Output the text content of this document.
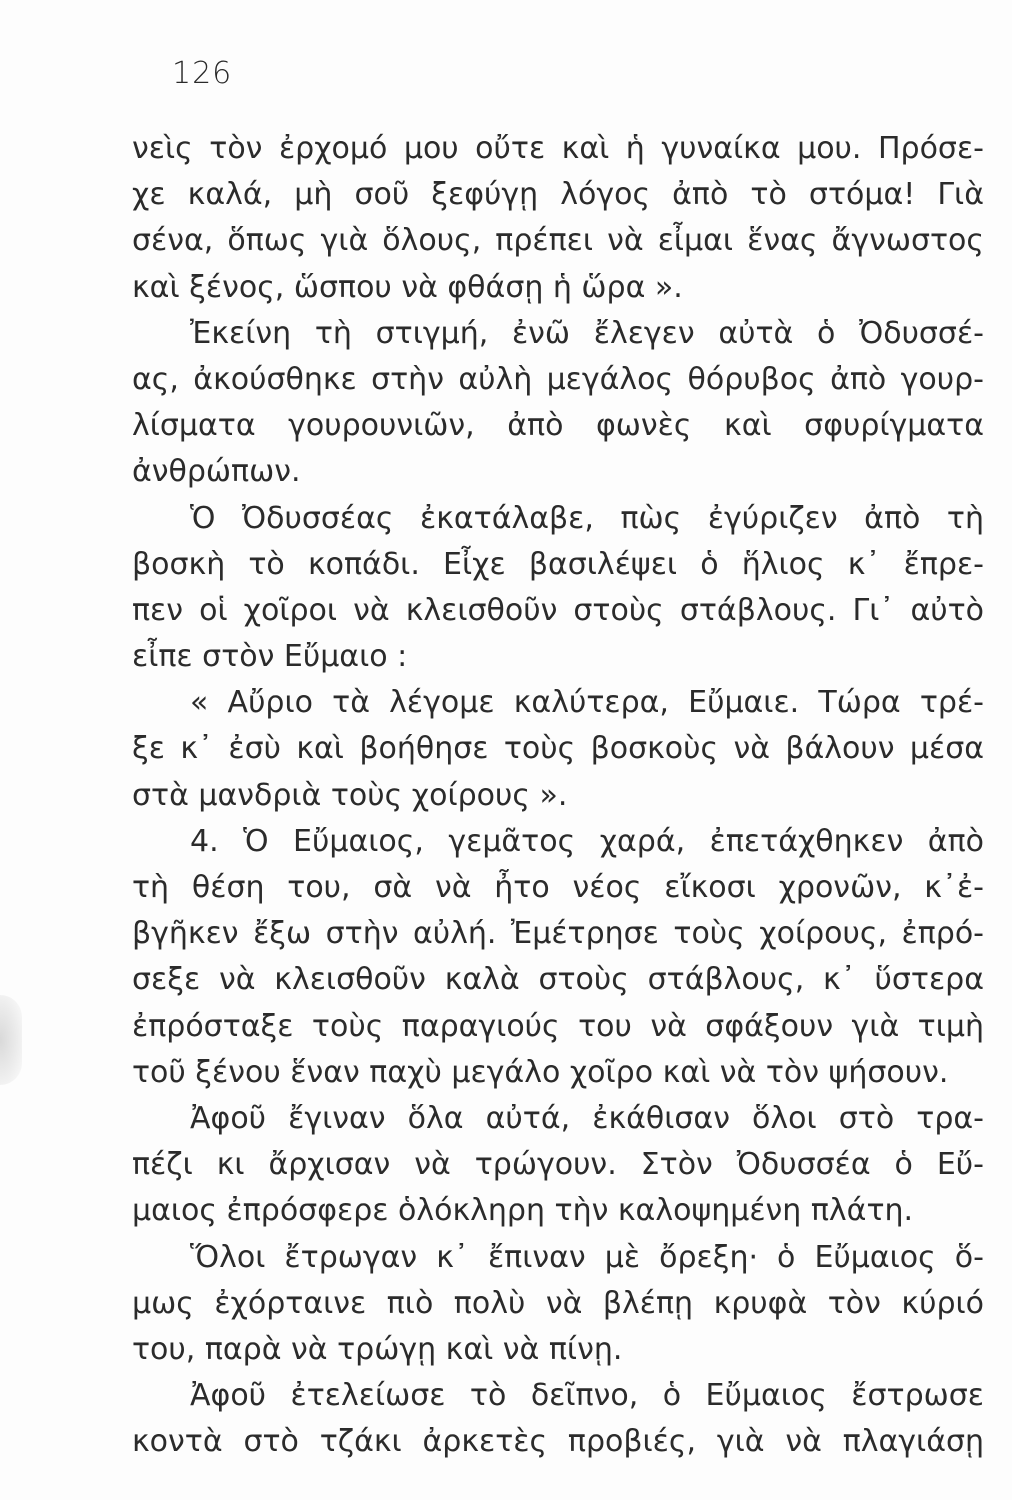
126
νεὶς τὸν ἐρχομό μου οὔτε καὶ ἡ γυναίκα μου. Πρόσε-
χε καλά, μὴ σοῦ ξεφύγῃ λόγος ἀπὸ τὸ στόμα! Γιὰ
σένα, ὅπως γιὰ ὅλους, πρέπει νὰ εἶμαι ἕνας ἄγνωστος
καὶ ξένος, ὥσπου νὰ φθάσῃ ἡ ὥρα ».
Ἐκείνη τὴ στιγμή, ἐνῶ ἔλεγεν αὐτὰ ὁ Ὀδυσσέ-
ας, ἀκούσθηκε στὴν αὐλὴ μεγάλος θόρυβος ἀπὸ γουρ-
λίσματα γουρουνιῶν, ἀπὸ φωνὲς καὶ σφυρίγματα
ἀνθρώπων.
Ὁ Ὀδυσσέας ἐκατάλαβε, πὼς ἐγύριζεν ἀπὸ τὴ
βοσκὴ τὸ κοπάδι. Εἶχε βασιλέψει ὁ ἥλιος κ᾽ ἔπρε-
πεν οἱ χοῖροι νὰ κλεισθοῦν στοὺς στάβλους. Γι᾽ αὐτὸ
εἶπε στὸν Εὔμαιο :
« Αὔριο τὰ λέγομε καλύτερα, Εὔμαιε. Τώρα τρέ-
ξε κ᾽ ἐσὺ καὶ βοήθησε τοὺς βοσκοὺς νὰ βάλουν μέσα
στὰ μανδριὰ τοὺς χοίρους ».
4. Ὁ Εὔμαιος, γεμᾶτος χαρά, ἐπετάχθηκεν ἀπὸ
τὴ θέση του, σὰ νὰ ἦτο νέος εἴκοσι χρονῶν, κ᾽ἐ-
βγῆκεν ἔξω στὴν αὐλή. Ἐμέτρησε τοὺς χοίρους, ἐπρό-
σεξε νὰ κλεισθοῦν καλὰ στοὺς στάβλους, κ᾽ ὕστερα
ἐπρόσταξε τοὺς παραγιούς του νὰ σφάξουν γιὰ τιμὴ
τοῦ ξένου ἕναν παχὺ μεγάλο χοῖρο καὶ νὰ τὸν ψήσουν.
Ἀφοῦ ἔγιναν ὅλα αὐτά, ἐκάθισαν ὅλοι στὸ τρα-
πέζι κι ἄρχισαν νὰ τρώγουν. Στὸν Ὀδυσσέα ὁ Εὔ-
μαιος ἐπρόσφερε ὁλόκληρη τὴν καλοψημένη πλάτη.
Ὅλοι ἔτρωγαν κ᾽ ἔπιναν μὲ ὄρεξη· ὁ Εὔμαιος ὅ-
μως ἐχόρταινε πιὸ πολὺ νὰ βλέπῃ κρυφὰ τὸν κύριό
του, παρὰ νὰ τρώγῃ καὶ νὰ πίνῃ.
Ἀφοῦ ἐτελείωσε τὸ δεῖπνο, ὁ Εὔμαιος ἔστρωσε
κοντὰ στὸ τζάκι ἀρκετὲς προβιές, γιὰ νὰ πλαγιάσῃ
